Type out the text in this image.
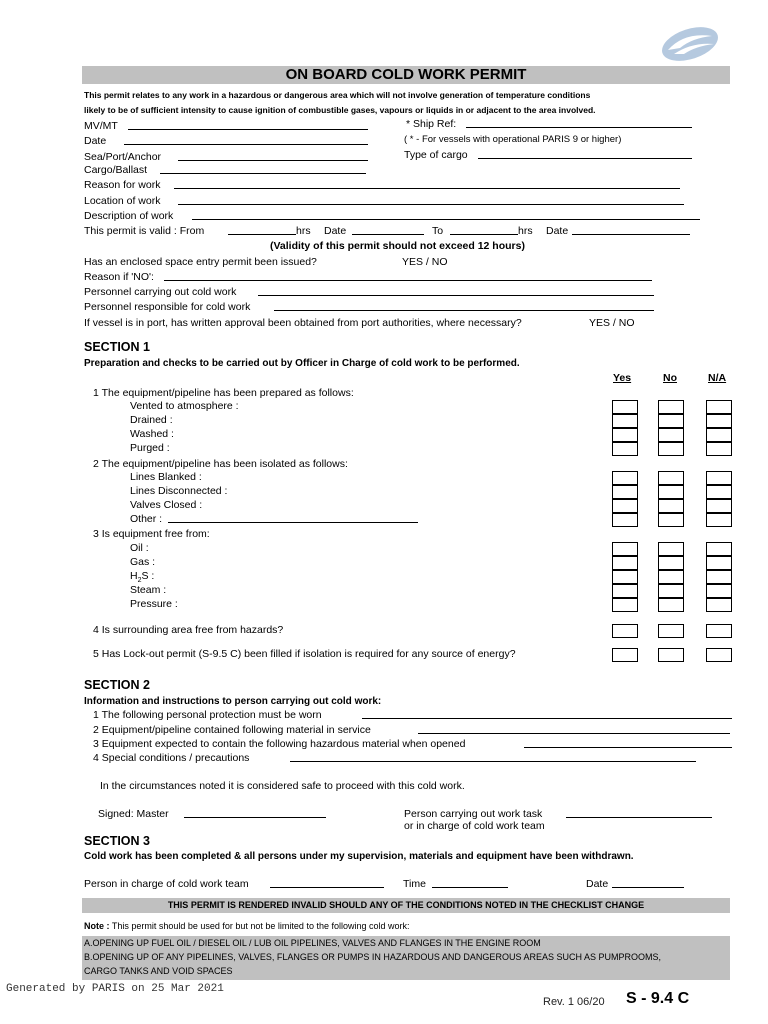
ON BOARD COLD WORK PERMIT
This permit relates to any work in a hazardous or dangerous area which will not involve generation of temperature conditions
likely to be of sufficient intensity to cause ignition of combustible gases, vapours or liquids in or adjacent to the area involved.
MV/MT	* Ship Ref:
Date	( * - For vessels with operational PARIS 9 or higher)
Sea/Port/Anchor	Type of cargo
Cargo/Ballast
Reason for work
Location of work
Description of work
This permit is valid : From	hrs Date	To	hrs Date
(Validity of this permit should not exceed 12 hours)
Has an enclosed space entry permit been issued?	YES / NO
Reason if 'NO':
Personnel carrying out cold work
Personnel responsible for cold work
If vessel is in port, has written approval been obtained from port authorities, where necessary?	YES / NO
SECTION 1
Preparation and checks to be carried out by Officer in Charge of cold work to be performed.
Yes	No	N/A
1 The equipment/pipeline has been prepared as follows:
Vented to atmosphere :
Drained :
Washed :
Purged :
2 The equipment/pipeline has been isolated as follows:
Lines Blanked :
Lines Disconnected :
Valves Closed :
Other :
3 Is equipment free from:
Oil :
Gas :
$H_2S$ :
Steam :
Pressure :
4 Is surrounding area free from hazards?
5 Has Lock-out permit (S-9.5 C) been filled if isolation is required for any source of energy?
SECTION 2
Information and instructions to person carrying out cold work:
1 The following personal protection must be worn
2 Equipment/pipeline contained following material in service
3 Equipment expected to contain the following hazardous material when opened
4 Special conditions / precautions
In the circumstances noted it is considered safe to proceed with this cold work.
Signed: Master	Person carrying out work task
or in charge of cold work team
SECTION 3
Cold work has been completed & all persons under my supervision, materials and equipment have been withdrawn.
Person in charge of cold work team	Time	Date
THIS PERMIT IS RENDERED INVALID SHOULD ANY OF THE CONDITIONS NOTED IN THE CHECKLIST CHANGE
Note : This permit should be used for but not be limited to the following cold work:
A.OPENING UP FUEL OIL / DIESEL OIL / LUB OIL PIPELINES, VALVES AND FLANGES IN THE ENGINE ROOM
B.OPENING UP OF ANY PIPELINES, VALVES, FLANGES OR PUMPS IN HAZARDOUS AND DANGEROUS AREAS SUCH AS PUMPROOMS,
CARGO TANKS AND VOID SPACES
Generated by PARIS on 25 Mar 2021
Rev. 1 06/20 S - 9.4 C
